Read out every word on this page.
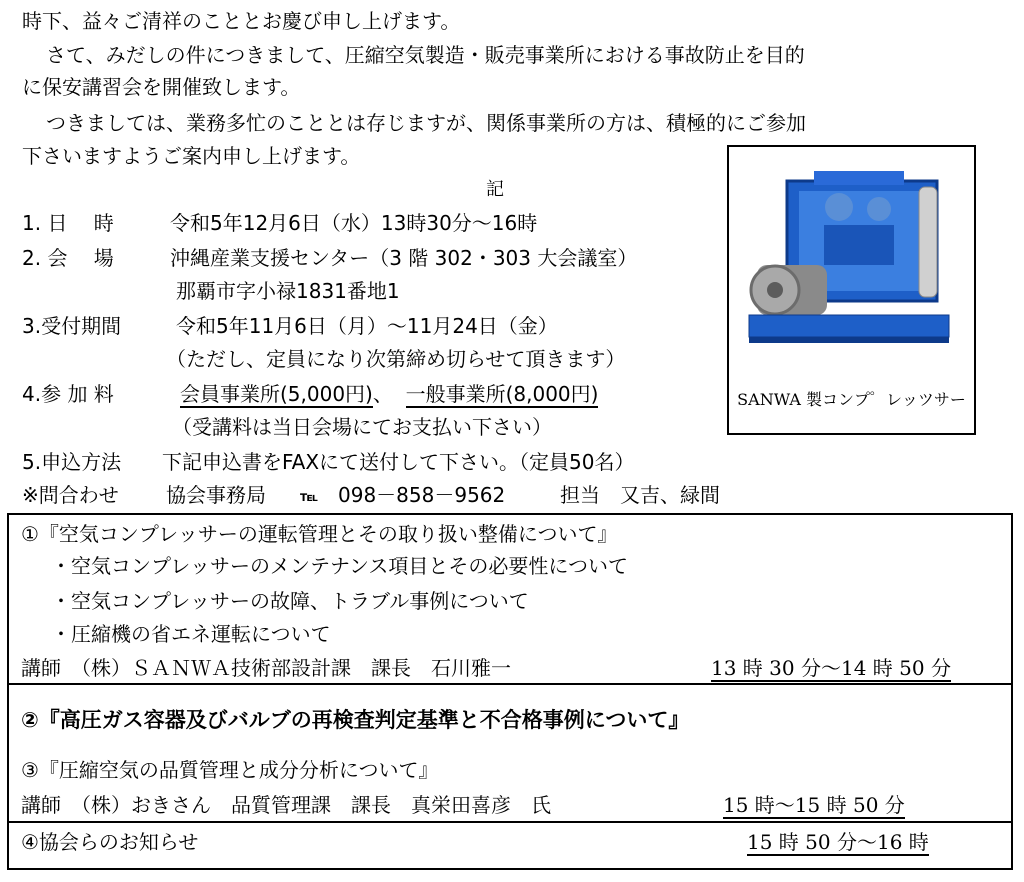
時下、益々ご清祥のこととお慶び申し上げます。
さて、みだしの件につきまして、圧縮空気製造・販売事業所における事故防止を目的
に保安講習会を開催致します。
つきましては、業務多忙のこととは存じますが、関係事業所の方は、積極的にご参加
下さいますようご案内申し上げます。
記
1. 日　 時	令和5年12月6日（水）13時30分〜16時
2. 会　 場	沖縄産業支援センター（3 階 302・303 大会議室）
那覇市字小禄1831番地1
3.受付期間	令和5年11月6日（月）〜11月24日（金）
（ただし、定員になり次第締め切らせて頂きます）
4.参 加 料	会員事業所(5,000円)、 一般事業所(8,000円)
（受講料は当日会場にてお支払い下さい）
5.申込方法 下記申込書をFAXにて送付して下さい。（定員50名）
※問合わせ 協会事務局 ℡ 098－858－9562	担当　又吉、緑間
SANWA 製コンプ゜レッツサー
①『空気コンプレッサーの運転管理とその取り扱い整備について』
・空気コンプレッサーのメンテナンス項目とその必要性について
・空気コンプレッサーの故障、トラブル事例について
・圧縮機の省エネ運転について
講師　（株）ＳＡＮＷＡ技術部設計課　課長　石川雅一	13 時 30 分〜14 時 50 分
②『高圧ガス容器及びバルブの再検査判定基準と不合格事例について』
③『圧縮空気の品質管理と成分分析について』
講師　（株）おきさん　品質管理課　課長　真栄田喜彦　氏	15 時〜15 時 50 分
④協会らのお知らせ	15 時 50 分〜16 時
